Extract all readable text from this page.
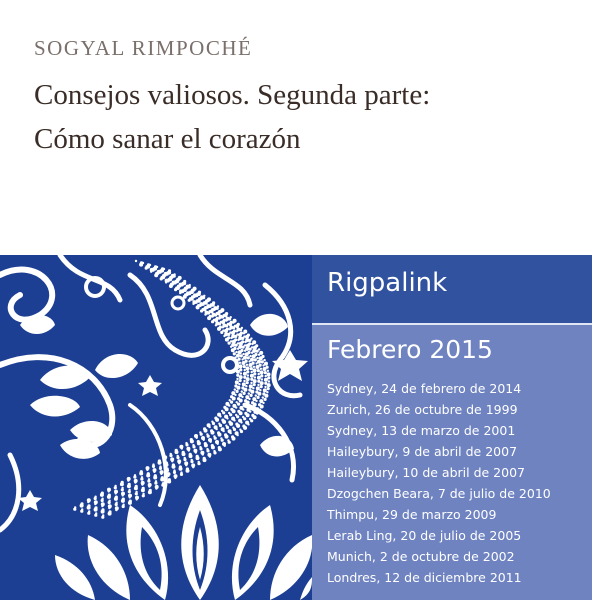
SOGYAL RIMPOCHÉ
Consejos valiosos. Segunda parte:
Cómo sanar el corazón
Rigpalink
Febrero 2015
Sydney, 24 de febrero de 2014
Zurich, 26 de octubre de 1999
Sydney, 13 de marzo de 2001
Haileybury, 9 de abril de 2007
Haileybury, 10 de abril de 2007
Dzogchen Beara, 7 de julio de 2010
Thimpu, 29 de marzo 2009
Lerab Ling, 20 de julio de 2005
Munich, 2 de octubre de 2002
Londres, 12 de diciembre 2011
